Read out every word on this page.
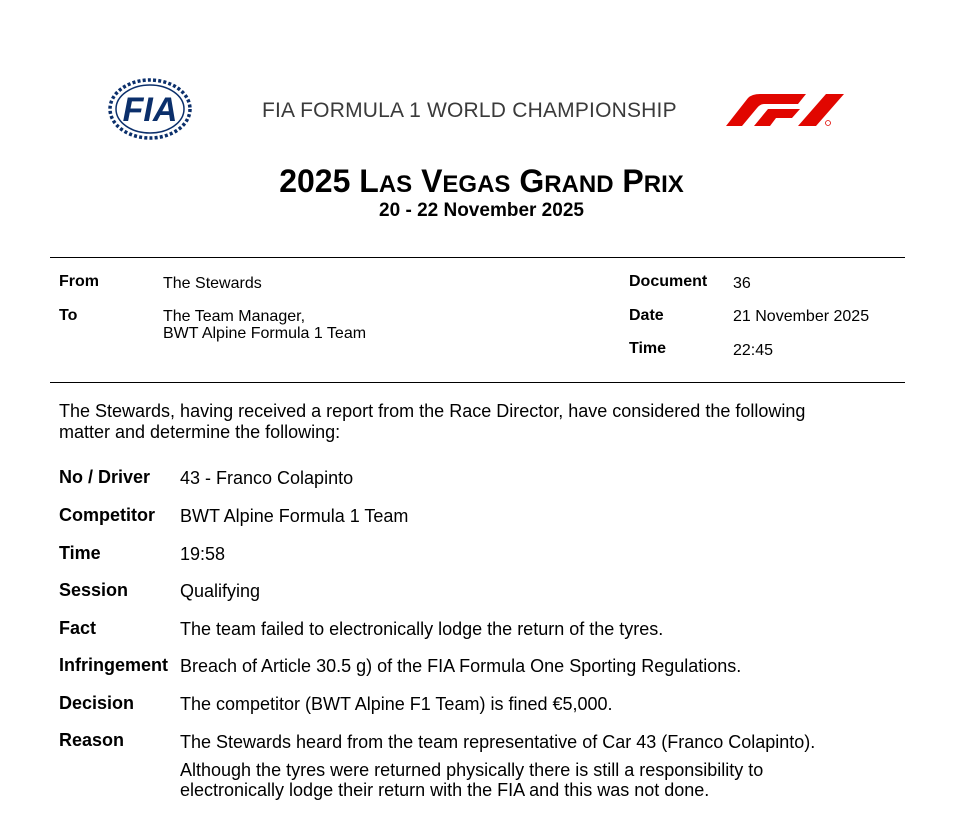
FIA	FIA FORMULA 1 WORLD CHAMPIONSHIP
2025 LAS VEGAS GRAND PRIX
20 - 22 November 2025
From	The Stewards
To	The Team Manager,
BWT Alpine Formula 1 Team
Document 36
Date	21 November 2025
Time	22:45
The Stewards, having received a report from the Race Director, have considered the following
matter and determine the following:
No / Driver 43 - Franco Colapinto
Competitor BWT Alpine Formula 1 Team
Time	19:58
Session	Qualifying
Fact	The team failed to electronically lodge the return of the tyres.
Infringement Breach of Article 30.5 g) of the FIA Formula One Sporting Regulations.
Decision	The competitor (BWT Alpine F1 Team) is fined €5,000.
Reason	The Stewards heard from the team representative of Car 43 (Franco Colapinto).
Although the tyres were returned physically there is still a responsibility to
electronically lodge their return with the FIA and this was not done.
